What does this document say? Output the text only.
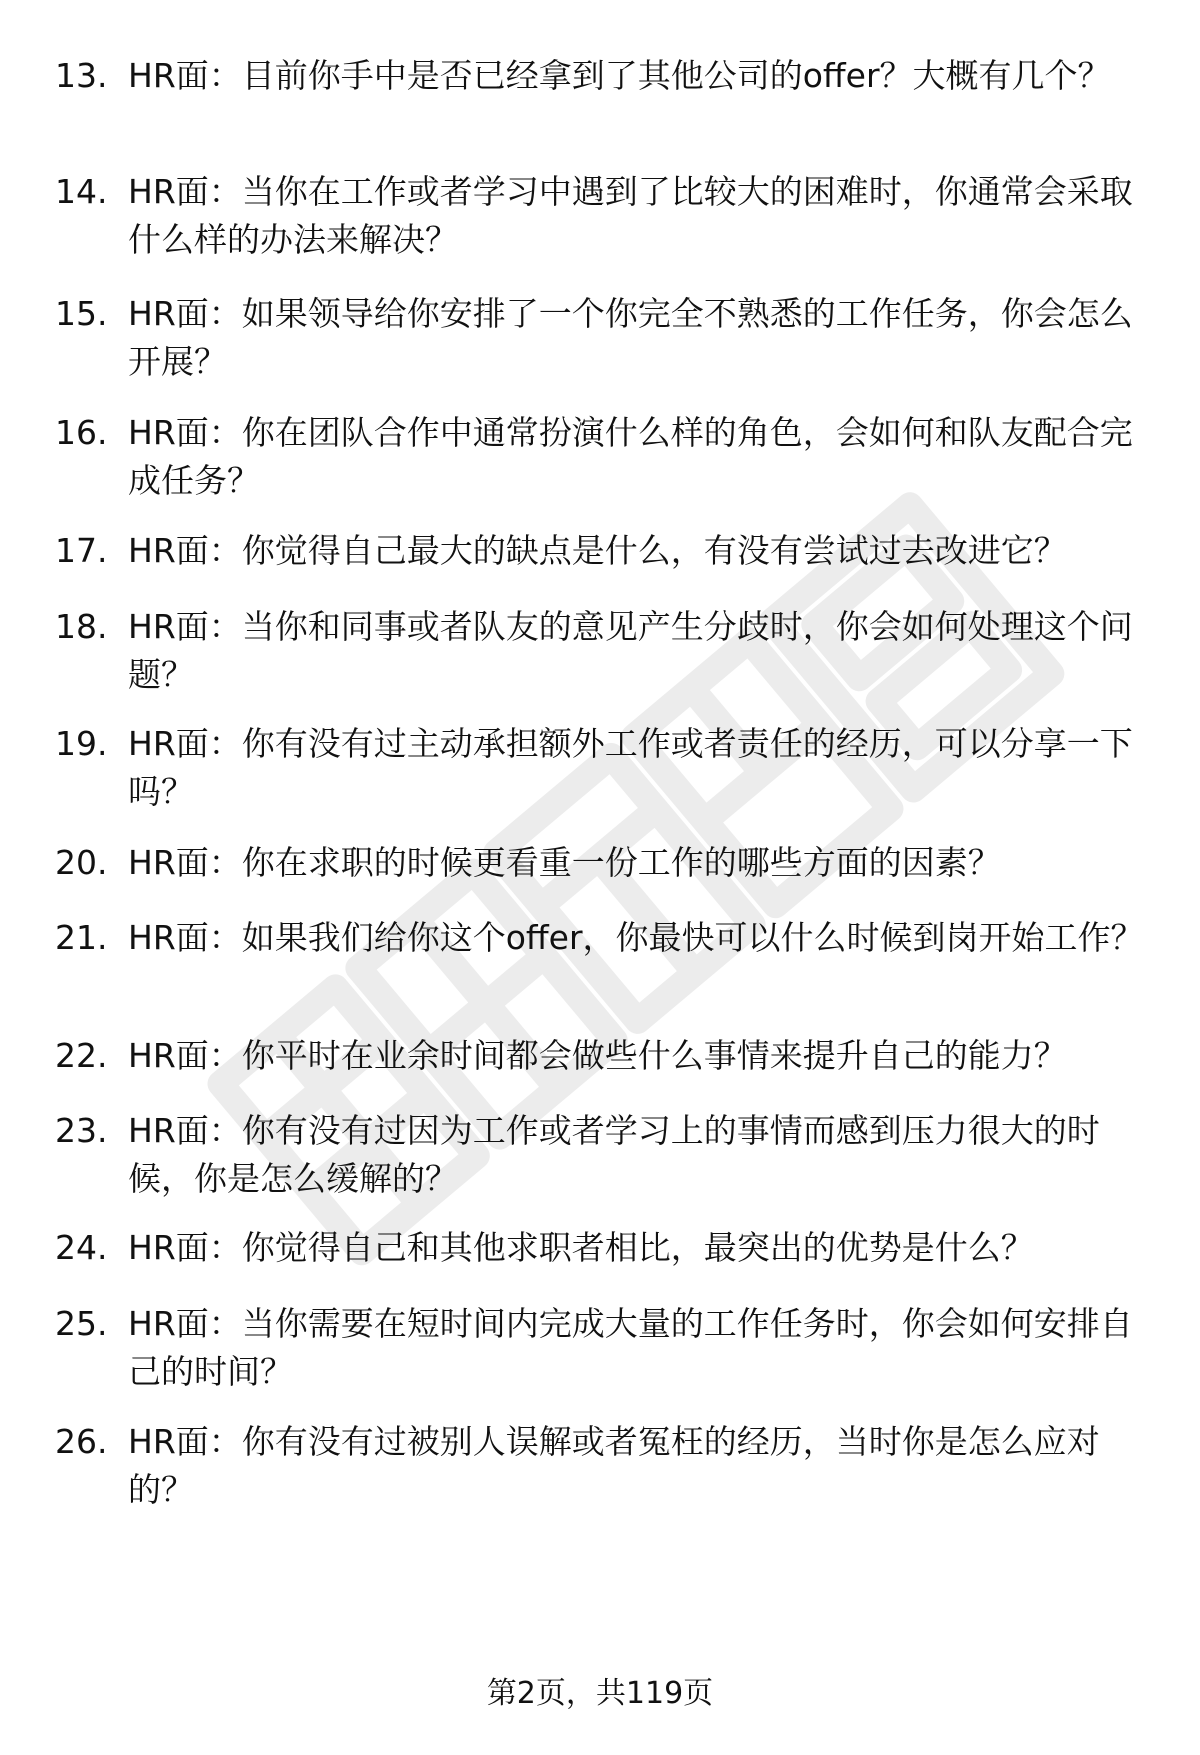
13. HR面：目前你手中是否已经拿到了其他公司的offer？大概有几个？
14. HR面：当你在工作或者学习中遇到了比较大的困难时，你通常会采取什么样的办法来解决？
15. HR面：如果领导给你安排了一个你完全不熟悉的工作任务，你会怎么开展？
16. HR面：你在团队合作中通常扮演什么样的角色，会如何和队友配合完成任务？
17. HR面：你觉得自己最大的缺点是什么，有没有尝试过去改进它？
18. HR面：当你和同事或者队友的意见产生分歧时，你会如何处理这个问题？
19. HR面：你有没有过主动承担额外工作或者责任的经历，可以分享一下吗？
20. HR面：你在求职的时候更看重一份工作的哪些方面的因素？
21. HR面：如果我们给你这个offer，你最快可以什么时候到岗开始工作？
22. HR面：你平时在业余时间都会做些什么事情来提升自己的能力？
23. HR面：你有没有过因为工作或者学习上的事情而感到压力很大的时候，你是怎么缓解的？
24. HR面：你觉得自己和其他求职者相比，最突出的优势是什么？
25. HR面：当你需要在短时间内完成大量的工作任务时，你会如何安排自己的时间？
26. HR面：你有没有过被别人误解或者冤枉的经历，当时你是怎么应对的？
第2页，共119页
